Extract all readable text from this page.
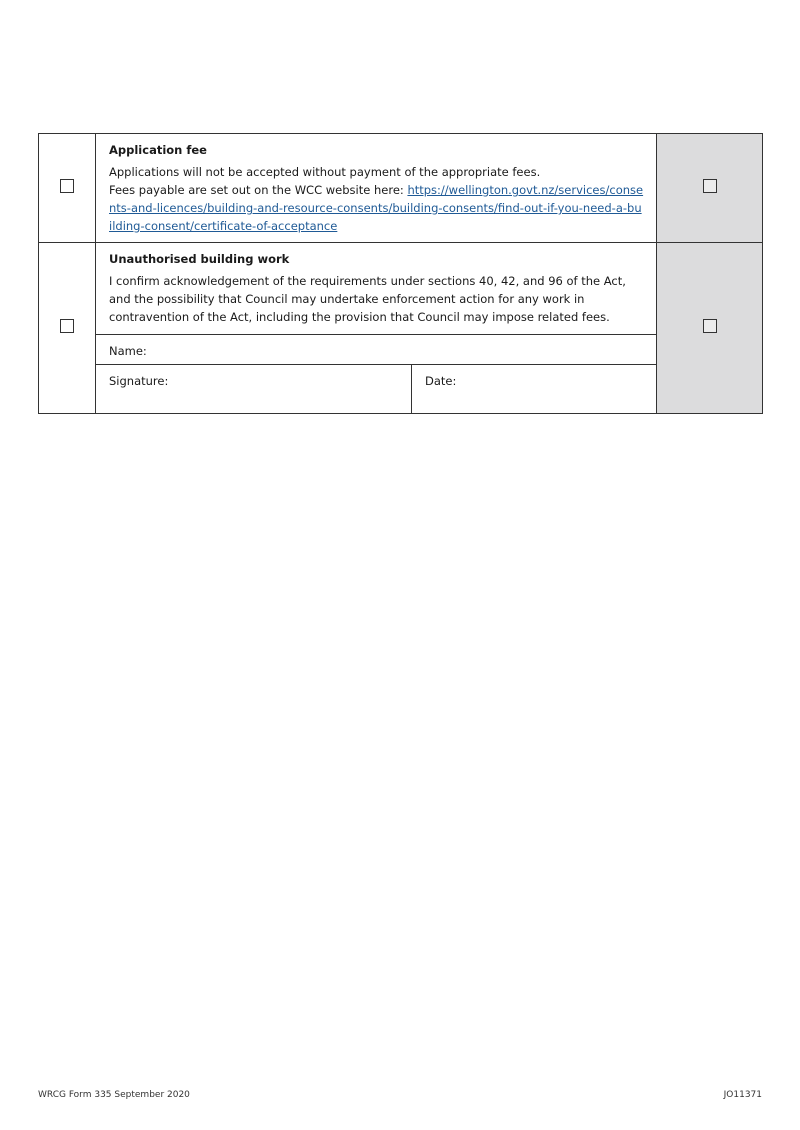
	Application fee
Applications will not be accepted without payment of the appropriate fees.
Fees payable are set out on the WCC website here: https://wellington.govt.nz/services/consents-and-licences/building-and-resource-consents/building-consents/find-out-if-you-need-a-building-consent/certificate-of-acceptance		

	Unauthorised building work
I confirm acknowledgement of the requirements under sections 40, 42, and 96 of the Act, and the possibility that Council may undertake enforcement action for any work in contravention of the Act, including the provision that Council may impose related fees.		

	Name:		

	Signature:	Date:	
WRCG Form 335 September 2020	JO11371
